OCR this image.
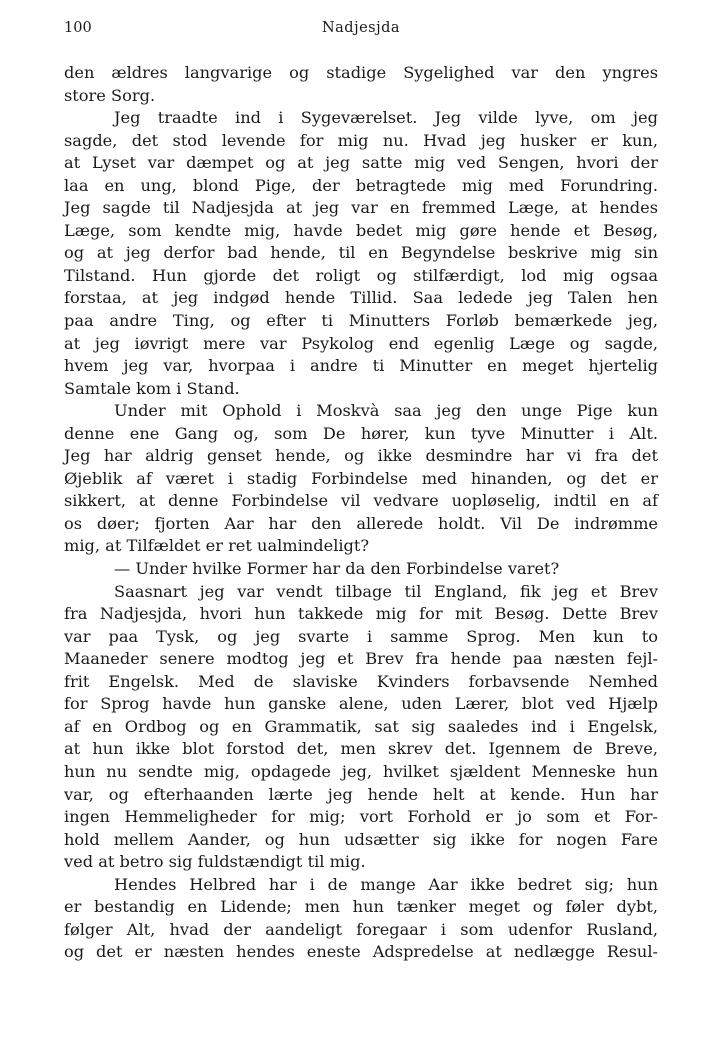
100	Nadjesjda
den ældres langvarige og stadige Sygelighed var den yngres
store Sorg.
Jeg traadte ind i Sygeværelset. Jeg vilde lyve, om jeg
sagde, det stod levende for mig nu. Hvad jeg husker er kun,
at Lyset var dæmpet og at jeg satte mig ved Sengen, hvori der
laa en ung, blond Pige, der betragtede mig med Forundring.
Jeg sagde til Nadjesjda at jeg var en fremmed Læge, at hendes
Læge, som kendte mig, havde bedet mig gøre hende et Besøg,
og at jeg derfor bad hende, til en Begyndelse beskrive mig sin
Tilstand. Hun gjorde det roligt og stilfærdigt, lod mig ogsaa
forstaa, at jeg indgød hende Tillid. Saa ledede jeg Talen hen
paa andre Ting, og efter ti Minutters Forløb bemærkede jeg,
at jeg iøvrigt mere var Psykolog end egenlig Læge og sagde,
hvem jeg var, hvorpaa i andre ti Minutter en meget hjertelig
Samtale kom i Stand.
Under mit Ophold i Moskvà saa jeg den unge Pige kun
denne ene Gang og, som De hører, kun tyve Minutter i Alt.
Jeg har aldrig genset hende, og ikke desmindre har vi fra det
Øjeblik af været i stadig Forbindelse med hinanden, og det er
sikkert, at denne Forbindelse vil vedvare uopløselig, indtil en af
os døer; fjorten Aar har den allerede holdt. Vil De indrømme
mig, at Tilfældet er ret ualmindeligt?
— Under hvilke Former har da den Forbindelse varet?
Saasnart jeg var vendt tilbage til England, fik jeg et Brev
fra Nadjesjda, hvori hun takkede mig for mit Besøg. Dette Brev
var paa Tysk, og jeg svarte i samme Sprog. Men kun to
Maaneder senere modtog jeg et Brev fra hende paa næsten fejl-
frit Engelsk. Med de slaviske Kvinders forbavsende Nemhed
for Sprog havde hun ganske alene, uden Lærer, blot ved Hjælp
af en Ordbog og en Grammatik, sat sig saaledes ind i Engelsk,
at hun ikke blot forstod det, men skrev det. Igennem de Breve,
hun nu sendte mig, opdagede jeg, hvilket sjældent Menneske hun
var, og efterhaanden lærte jeg hende helt at kende. Hun har
ingen Hemmeligheder for mig; vort Forhold er jo som et For-
hold mellem Aander, og hun udsætter sig ikke for nogen Fare
ved at betro sig fuldstændigt til mig.
Hendes Helbred har i de mange Aar ikke bedret sig; hun
er bestandig en Lidende; men hun tænker meget og føler dybt,
følger Alt, hvad der aandeligt foregaar i som udenfor Rusland,
og det er næsten hendes eneste Adspredelse at nedlægge Resul-
